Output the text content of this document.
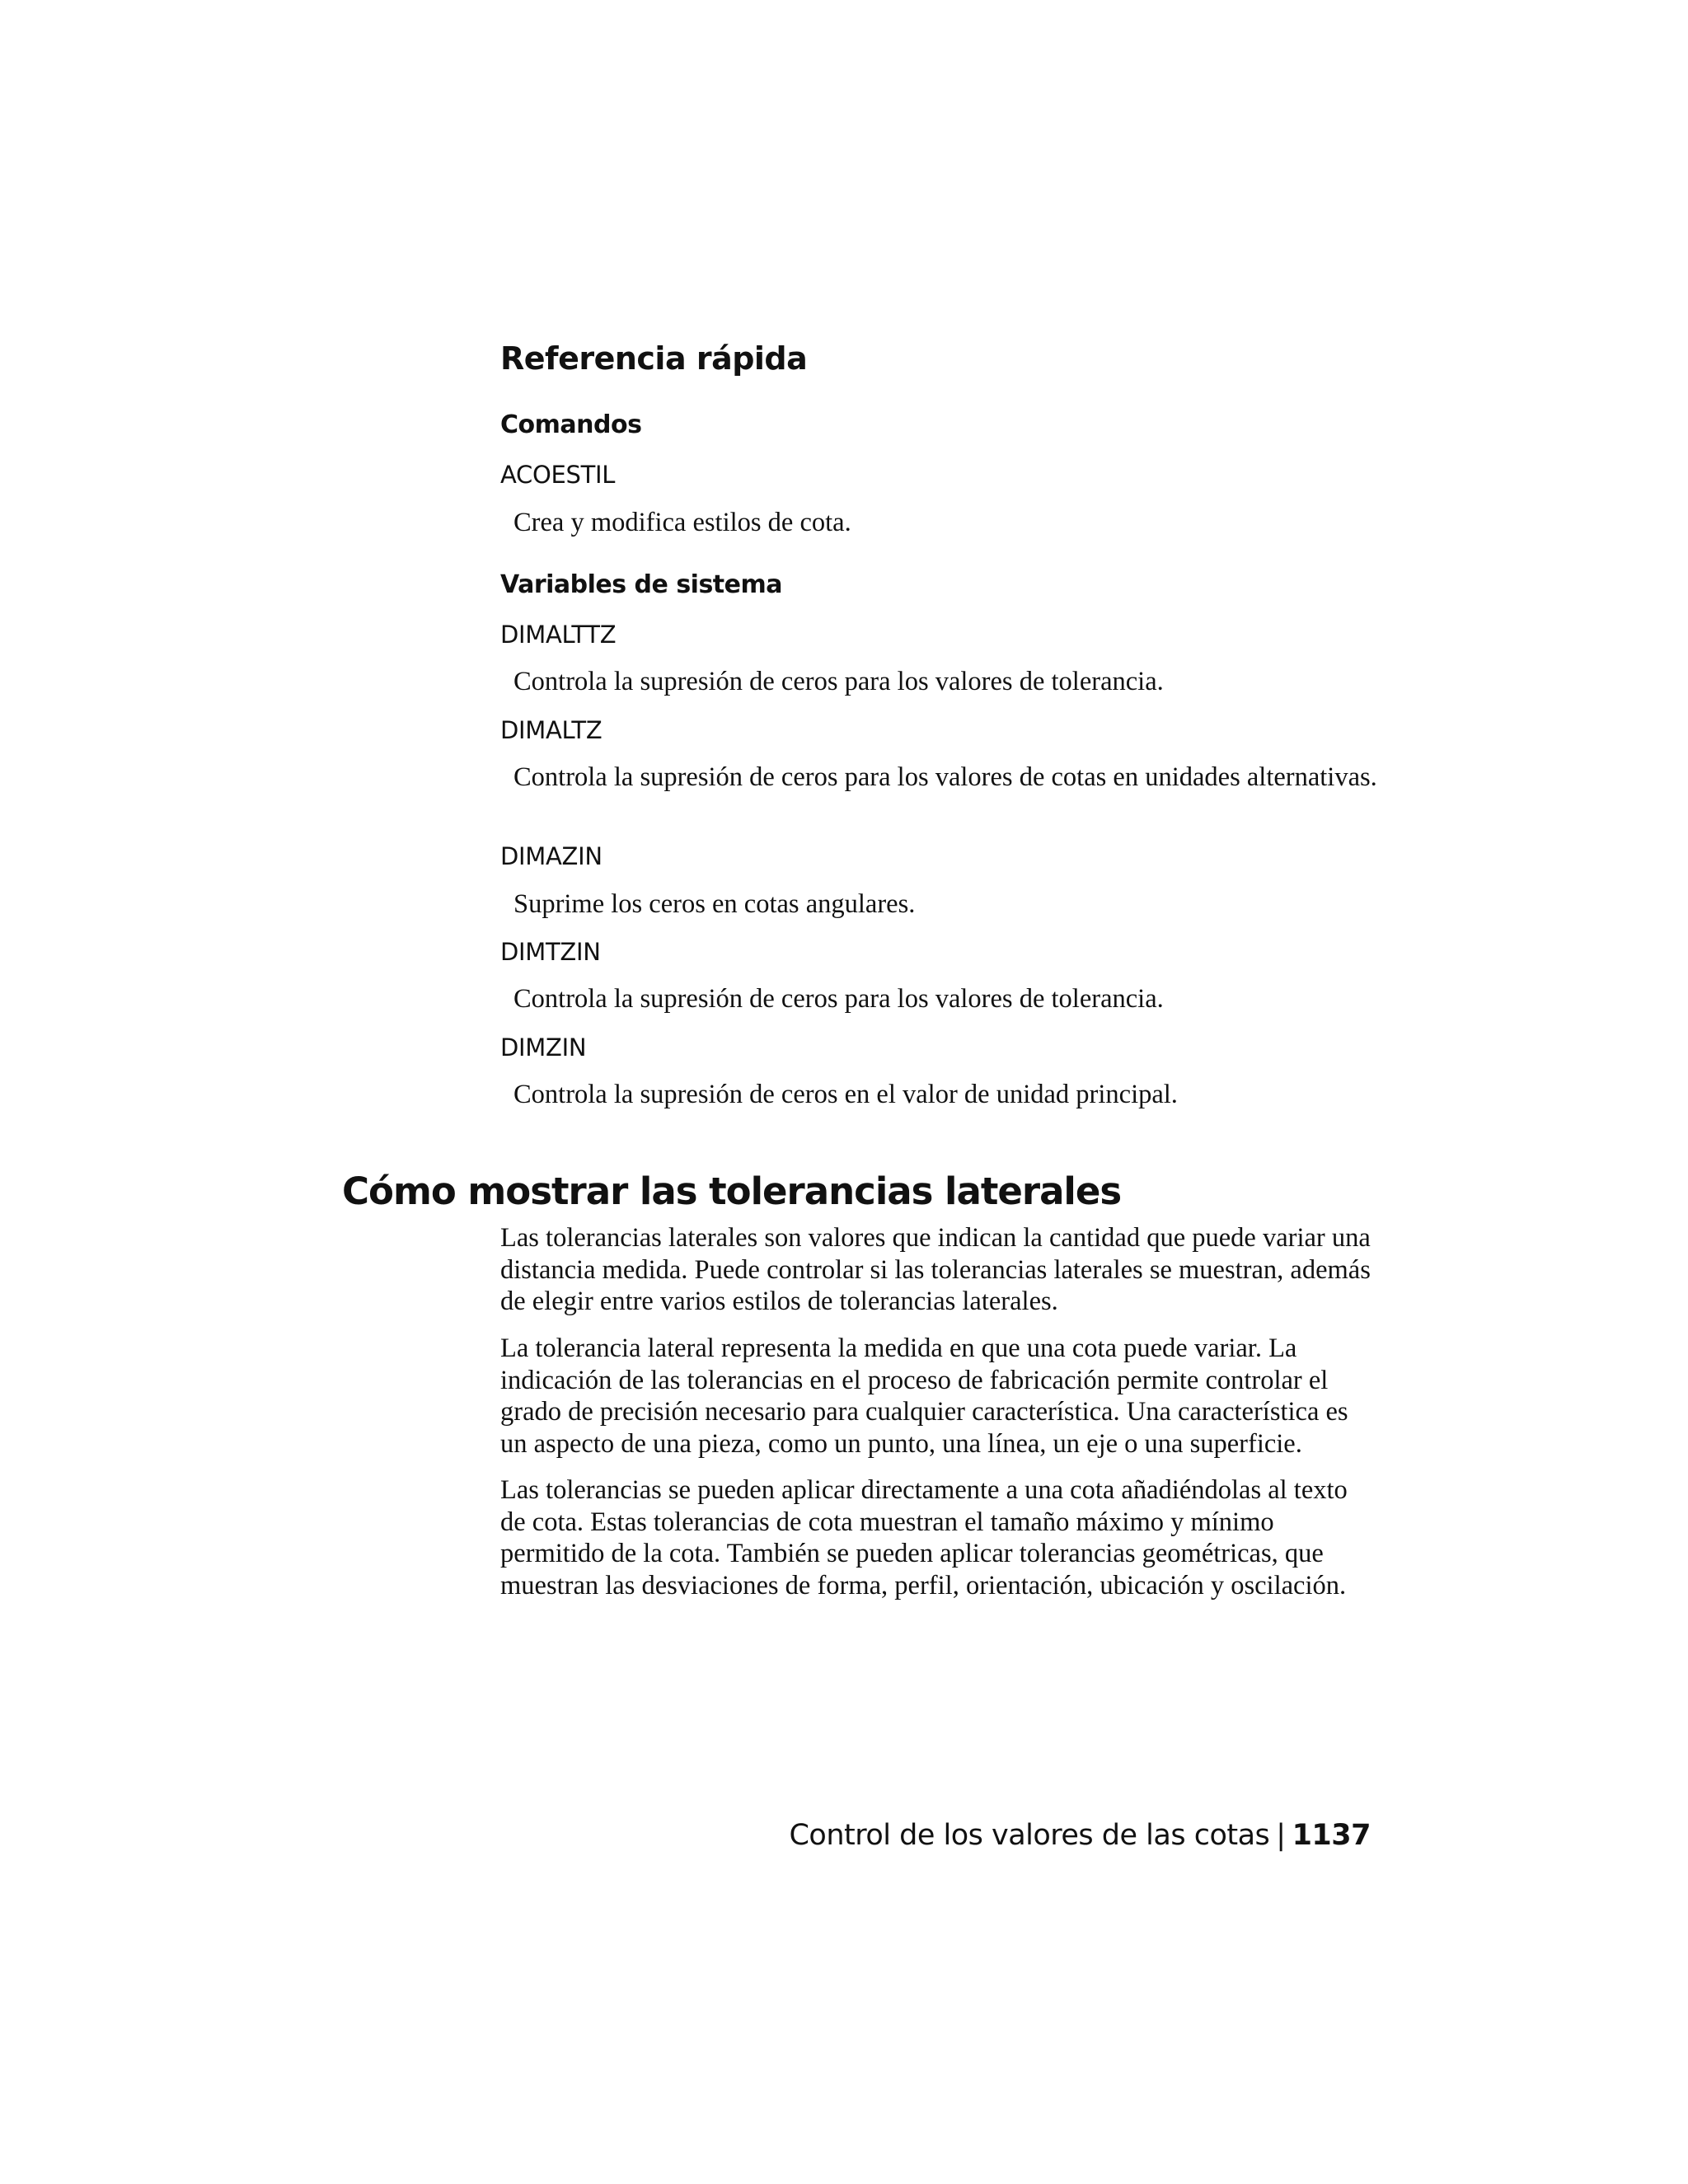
Referencia rápida
Comandos
ACOESTIL
Crea y modifica estilos de cota.
Variables de sistema
DIMALTTZ
Controla la supresión de ceros para los valores de tolerancia.
DIMALTZ
Controla la supresión de ceros para los valores de cotas en unidades alternativas.
DIMAZIN
Suprime los ceros en cotas angulares.
DIMTZIN
Controla la supresión de ceros para los valores de tolerancia.
DIMZIN
Controla la supresión de ceros en el valor de unidad principal.
Cómo mostrar las tolerancias laterales

Las tolerancias laterales son valores que indican la cantidad que puede variar una distancia medida. Puede controlar si las tolerancias laterales se muestran, además de elegir entre varios estilos de tolerancias laterales.

La tolerancia lateral representa la medida en que una cota puede variar. La indicación de las tolerancias en el proceso de fabricación permite controlar el grado de precisión necesario para cualquier característica. Una característica es un aspecto de una pieza, como un punto, una línea, un eje o una superficie.

Las tolerancias se pueden aplicar directamente a una cota añadiéndolas al texto de cota. Estas tolerancias de cota muestran el tamaño máximo y mínimo permitido de la cota. También se pueden aplicar tolerancias geométricas, que muestran las desviaciones de forma, perfil, orientación, ubicación y oscilación.

Control de los valores de las cotas | 1137
